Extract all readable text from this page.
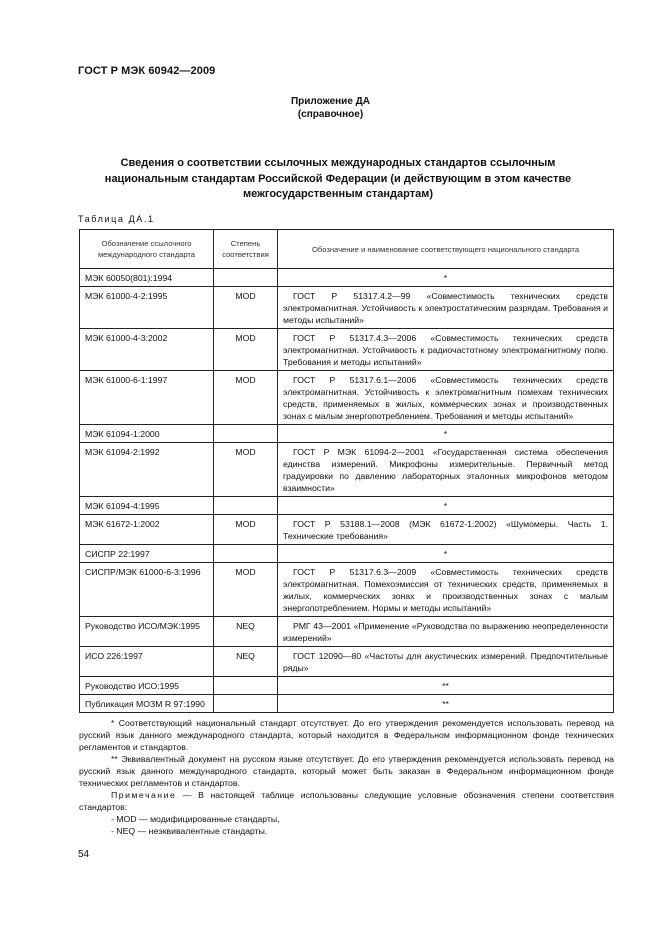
ГОСТ Р МЭК 60942—2009
Приложение ДА
(справочное)
Сведения о соответствии ссылочных международных стандартов ссылочным национальным стандартам Российской Федерации (и действующим в этом качестве межгосударственным стандартам)
Таблица ДА.1
Обозначение ссылочного международного стандарта	Степень соответствия	Обозначение и наименование соответствующего национального стандарта
МЭК 60050(801):1994		*
МЭК 61000-4-2:1995	MOD	ГОСТ Р 51317.4.2—99 «Совместимость технических средств электромагнитная. Устойчивость к электростатическим разрядам. Требования и методы испытаний»
МЭК 61000-4-3:2002	MOD	ГОСТ Р 51317.4.3—2006 «Совместимость технических средств электромагнитная. Устойчивость к радиочастотному электромагнитному полю. Требования и методы испытаний»
МЭК 61000-6-1:1997	MOD	ГОСТ Р 51317.6.1—2006 «Совместимость технических средств электромагнитная. Устойчивость к электромагнитным помехам технических средств, применяемых в жилых, коммерческих зонах и производственных зонах с малым энергопотреблением. Требования и методы испытаний»
МЭК 61094-1:2000		*
МЭК 61094-2:1992	MOD	ГОСТ Р МЭК 61094-2—2001 «Государственная система обеспечения единства измерений. Микрофоны измерительные. Первичный метод градуировки по давлению лабораторных эталонных микрофонов методом взаимности»
МЭК 61094-4:1995		*
МЭК 61672-1:2002	MOD	ГОСТ Р 53188.1—2008 (МЭК 61672-1:2002) «Шумомеры. Часть 1. Технические требования»
СИСПР 22:1997		*
СИСПР/МЭК 61000-6-3:1996	MOD	ГОСТ Р 51317.6.3—2009 «Совместимость технических средств электромагнитная. Помехоэмиссия от технических средств, применяемых в жилых, коммерческих зонах и производственных зонах с малым энергопотреблением. Нормы и методы испытаний»
Руководство ИСО/МЭК:1995	NEQ	РМГ 43—2001 «Применение «Руководства по выражению неопределенности измерений»
ИСО 226:1997	NEQ	ГОСТ 12090—80 «Частоты для акустических измерений. Предпочтительные ряды»
Руководство ИСО:1995		**
Публикация МОЗМ R 97:1990		**

* Соответствующий национальный стандарт отсутствует. До его утверждения рекомендуется использовать перевод на русский язык данного международного стандарта, который находится в Федеральном информационном фонде технических регламентов и стандартов.

** Эквивалентный документ на русском языке отсутствует. До его утверждения рекомендуется использовать перевод на русский язык данного международного стандарта, который может быть заказан в Федеральном информационном фонде технических регламентов и стандартов.

Примечание — В настоящей таблице использованы следующие условные обозначения степени соответствия стандартов:

- MOD — модифицированные стандарты,

- NEQ — неэквивалентные стандарты.

54
